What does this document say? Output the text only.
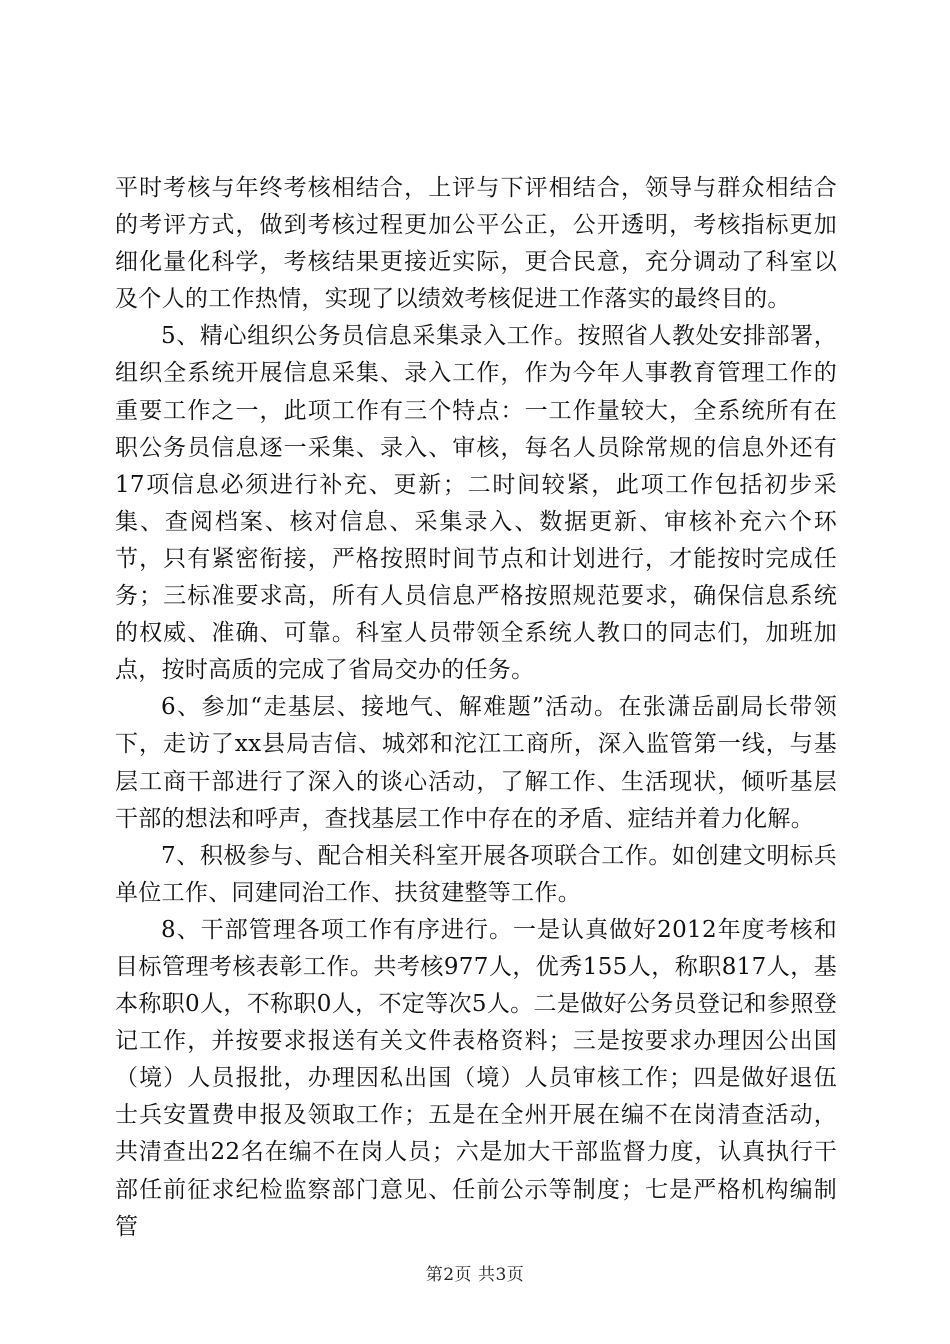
平时考核与年终考核相结合，上评与下评相结合，领导与群众相结合的考评方式，做到考核过程更加公平公正，公开透明，考核指标更加细化量化科学，考核结果更接近实际，更合民意，充分调动了科室以及个人的工作热情，实现了以绩效考核促进工作落实的最终目的。

5、精心组织公务员信息采集录入工作。按照省人教处安排部署，组织全系统开展信息采集、录入工作，作为今年人事教育管理工作的重要工作之一，此项工作有三个特点：一工作量较大，全系统所有在职公务员信息逐一采集、录入、审核，每名人员除常规的信息外还有17项信息必须进行补充、更新；二时间较紧，此项工作包括初步采集、查阅档案、核对信息、采集录入、数据更新、审核补充六个环节，只有紧密衔接，严格按照时间节点和计划进行，才能按时完成任务；三标准要求高，所有人员信息严格按照规范要求，确保信息系统的权威、准确、可靠。科室人员带领全系统人教口的同志们，加班加点，按时高质的完成了省局交办的任务。

6、参加“走基层、接地气、解难题”活动。在张潇岳副局长带领下，走访了xx县局吉信、城郊和沱江工商所，深入监管第一线，与基层工商干部进行了深入的谈心活动，了解工作、生活现状，倾听基层干部的想法和呼声，查找基层工作中存在的矛盾、症结并着力化解。

7、积极参与、配合相关科室开展各项联合工作。如创建文明标兵单位工作、同建同治工作、扶贫建整等工作。

8、干部管理各项工作有序进行。一是认真做好2012年度考核和目标管理考核表彰工作。共考核977人，优秀155人，称职817人，基本称职0人，不称职0人，不定等次5人。二是做好公务员登记和参照登记工作，并按要求报送有关文件表格资料；三是按要求办理因公出国（境）人员报批，办理因私出国（境）人员审核工作；四是做好退伍士兵安置费申报及领取工作；五是在全州开展在编不在岗清查活动，共清查出22名在编不在岗人员；六是加大干部监督力度，认真执行干部任前征求纪检监察部门意见、任前公示等制度；七是严格机构编制管

第2页 共3页
